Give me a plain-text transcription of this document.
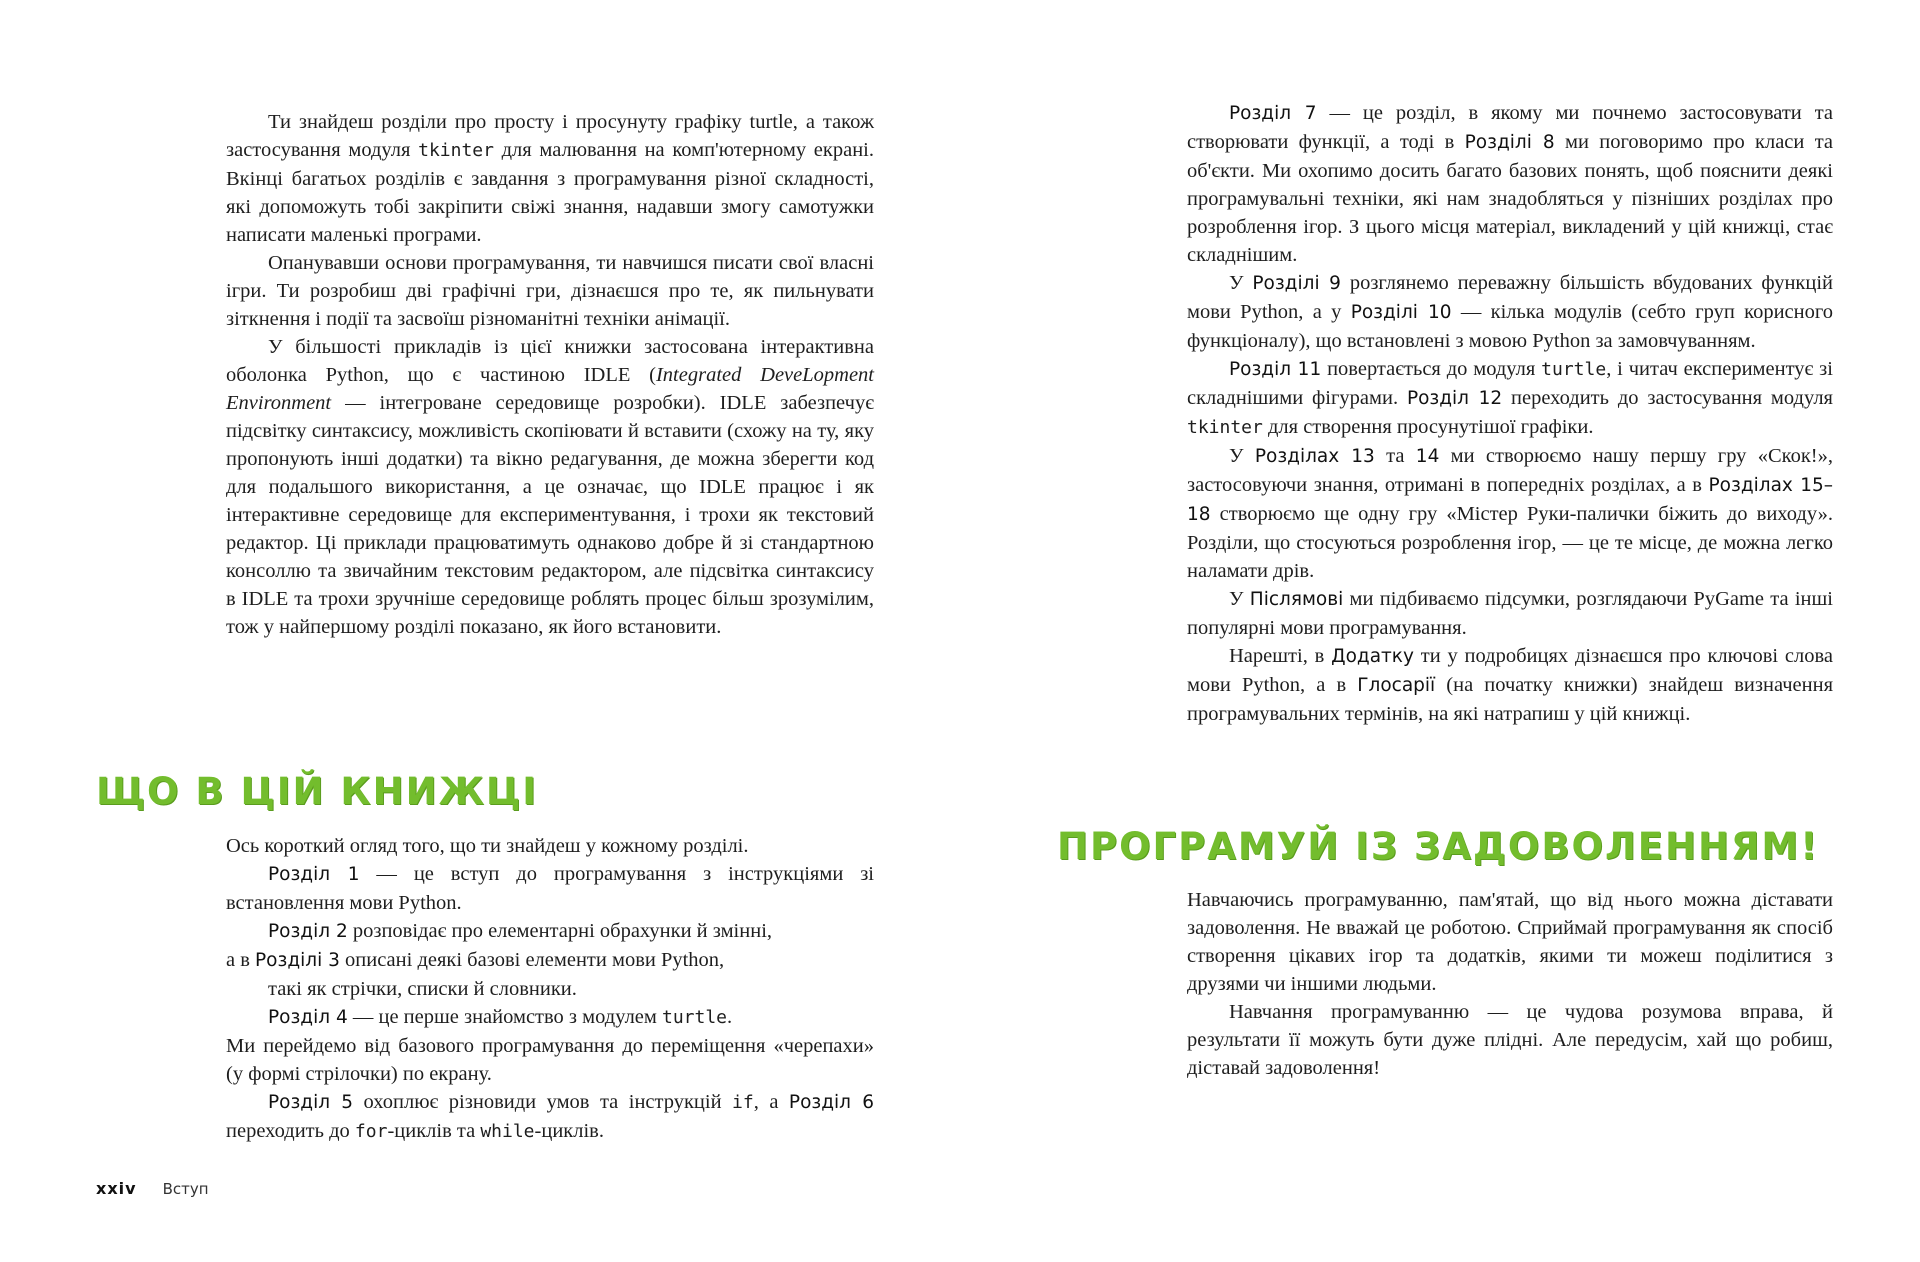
Ти знайдеш розділи про просту і просунуту графіку turtle, а також застосування модуля tkinter для малювання на комп'ютерному екрані. Вкінці багатьох розділів є завдання з програмування різної складності, які допоможуть тобі закріпити свіжі знання, надавши змогу самотужки написати маленькі програми.

Опанувавши основи програмування, ти навчишся писати свої власні ігри. Ти розробиш дві графічні гри, дізнаєшся про те, як пильнувати зіткнення і події та засвоїш різноманітні техніки анімації.

У більшості прикладів із цієї книжки застосована інтерактивна оболонка Python, що є частиною IDLE (Integrated DeveLopment Environment — інтегроване середовище розробки). IDLE забезпечує підсвітку синтаксису, можливість скопіювати й вставити (схожу на ту, яку пропонують інші додатки) та вікно редагування, де можна зберегти код для подальшого використання, а це означає, що IDLE працює і як інтерактивне середовище для експериментування, і трохи як текстовий редактор. Ці приклади працюватимуть однаково добре й зі стандартною консоллю та звичайним текстовим редактором, але підсвітка синтаксису в IDLE та трохи зручніше середовище роблять процес більш зрозумілим, тож у найпершому розділі показано, як його встановити.

ЩО В ЦІЙ КНИЖЦІ

Ось короткий огляд того, що ти знайдеш у кожному розділі.

Розділ 1 — це вступ до програмування з інструкціями зі встановлення мови Python.

Розділ 2 розповідає про елементарні обрахунки й змінні,

а в Розділі 3 описані деякі базові елементи мови Python,

такі як стрічки, списки й словники.

Розділ 4 — це перше знайомство з модулем turtle.

Ми перейдемо від базового програмування до переміщення «черепахи» (у формі стрілочки) по екрану.

Розділ 5 охоплює різновиди умов та інструкцій if, а Розділ 6 переходить до for-циклів та while-циклів.

Розділ 7 — це розділ, в якому ми почнемо застосовувати та створювати функції, а тоді в Розділі 8 ми поговоримо про класи та об'єкти. Ми охопимо досить багато базових понять, щоб пояснити деякі програмувальні техніки, які нам знадобляться у пізніших розділах про розроблення ігор. З цього місця матеріал, викладений у цій книжці, стає складнішим.

У Розділі 9 розглянемо переважну більшість вбудованих функцій мови Python, а у Розділі 10 — кілька модулів (себто груп корисного функціоналу), що встановлені з мовою Python за замовчуванням.

Розділ 11 повертається до модуля turtle, і читач експериментує зі складнішими фігурами. Розділ 12 переходить до застосування модуля tkinter для створення просунутішої графіки.

У Розділах 13 та 14 ми створюємо нашу першу гру «Скок!», застосовуючи знання, отримані в попередніх розділах, а в Розділах 15–18 створюємо ще одну гру «Містер Руки-палички біжить до виходу». Розділи, що стосуються розроблення ігор, — це те місце, де можна легко наламати дрів.

У Післямові ми підбиваємо підсумки, розглядаючи PyGame та інші популярні мови програмування.

Нарешті, в Додатку ти у подробицях дізнаєшся про ключові слова мови Python, а в Глосарії (на початку книжки) знайдеш визначення програмувальних термінів, на які натрапиш у цій книжці.

ПРОГРАМУЙ ІЗ ЗАДОВОЛЕННЯМ!

Навчаючись програмуванню, пам'ятай, що від нього можна діставати задоволення. Не вважай це роботою. Сприймай програмування як спосіб створення цікавих ігор та додатків, якими ти можеш поділитися з друзями чи іншими людьми.

Навчання програмуванню — це чудова розумова вправа, й результати її можуть бути дуже плідні. Але передусім, хай що робиш, діставай задоволення!

xxiv Вступ
